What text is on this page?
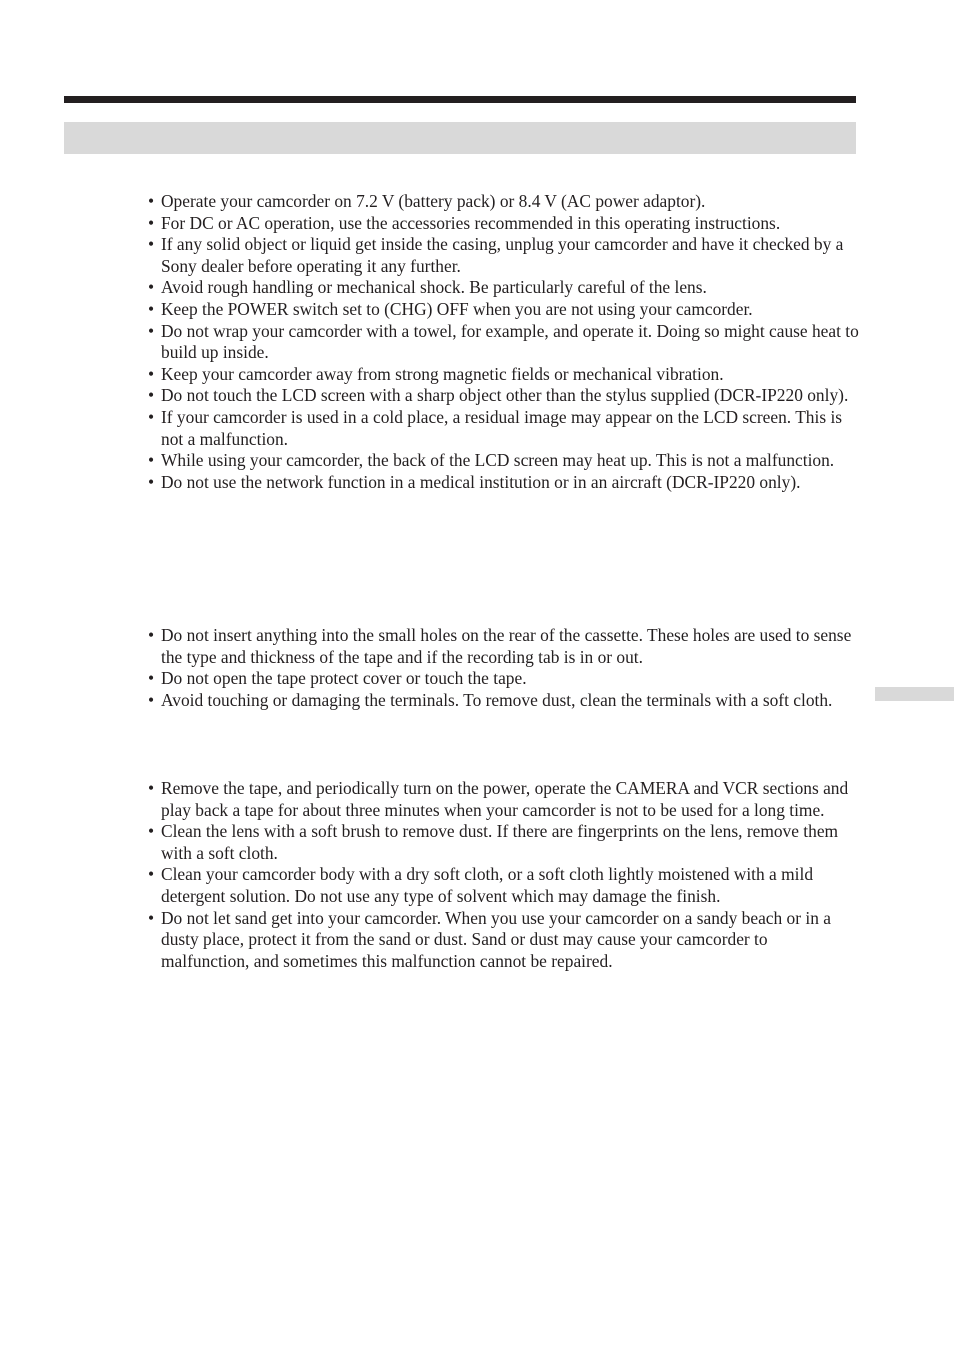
• Operate your camcorder on 7.2 V (battery pack) or 8.4 V (AC power adaptor).
• For DC or AC operation, use the accessories recommended in this operating instructions.
• If any solid object or liquid get inside the casing, unplug your camcorder and have it checked by a Sony dealer before operating it any further.
• Avoid rough handling or mechanical shock. Be particularly careful of the lens.
• Keep the POWER switch set to (CHG) OFF when you are not using your camcorder.
• Do not wrap your camcorder with a towel, for example, and operate it. Doing so might cause heat to build up inside.
• Keep your camcorder away from strong magnetic fields or mechanical vibration.
• Do not touch the LCD screen with a sharp object other than the stylus supplied (DCR-IP220 only).
• If your camcorder is used in a cold place, a residual image may appear on the LCD screen. This is not a malfunction.
• While using your camcorder, the back of the LCD screen may heat up. This is not a malfunction.
• Do not use the network function in a medical institution or in an aircraft (DCR-IP220 only).
• Do not insert anything into the small holes on the rear of the cassette. These holes are used to sense the type and thickness of the tape and if the recording tab is in or out.
• Do not open the tape protect cover or touch the tape.
• Avoid touching or damaging the terminals. To remove dust, clean the terminals with a soft cloth.
• Remove the tape, and periodically turn on the power, operate the CAMERA and VCR sections and play back a tape for about three minutes when your camcorder is not to be used for a long time.
• Clean the lens with a soft brush to remove dust. If there are fingerprints on the lens, remove them with a soft cloth.
• Clean your camcorder body with a dry soft cloth, or a soft cloth lightly moistened with a mild detergent solution. Do not use any type of solvent which may damage the finish.
• Do not let sand get into your camcorder. When you use your camcorder on a sandy beach or in a dusty place, protect it from the sand or dust. Sand or dust may cause your camcorder to malfunction, and sometimes this malfunction cannot be repaired.
